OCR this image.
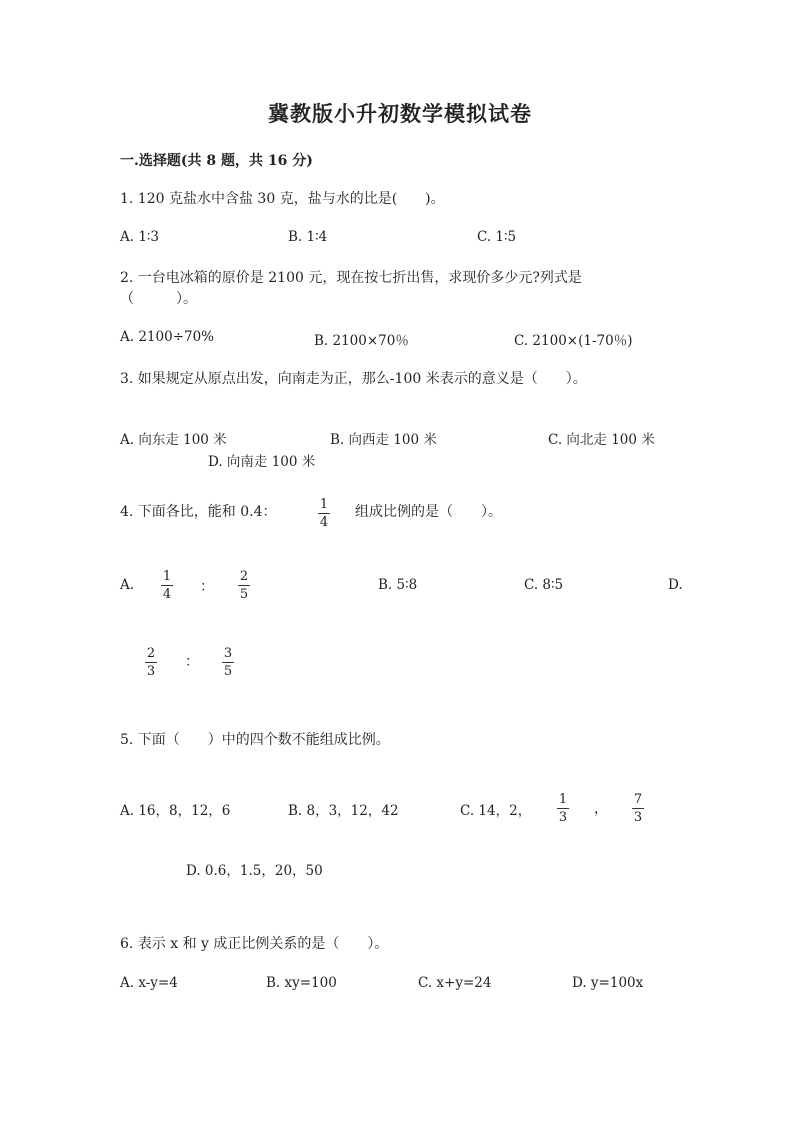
冀教版小升初数学模拟试卷
一.选择题(共 8 题，共 16 分)
1. 120 克盐水中含盐 30 克，盐与水的比是(　　)。
A. 1∶3	B. 1∶4	C. 1∶5
2. 一台电冰箱的原价是 2100 元，现在按七折出售，求现价多少元?列式是
（　　　）。
A. 2100÷70%	B. 2100×70％	C. 2100×(1-70％)
3. 如果规定从原点出发，向南走为正，那么-100 米表示的意义是（　　）。
A. 向东走 100 米	B. 向西走 100 米	C. 向北走 100 米
D. 向南走 100 米
4. 下面各比，能和 0.4：	1
4
组成比例的是（　　）。
A.
1
4 ：
2
5
B. 5∶8	C. 8∶5	D.
2
3
：
3
5
5. 下面（　　）中的四个数不能组成比例。
A. 16，8，12，6	B. 8，3，12，42	C. 14，2，
1
3
，
7
3
D. 0.6，1.5，20，50
6. 表示 x 和 y 成正比例关系的是（　　）。
A. x-y=4	B. xy=100	C. x+y=24	D. y=100x
